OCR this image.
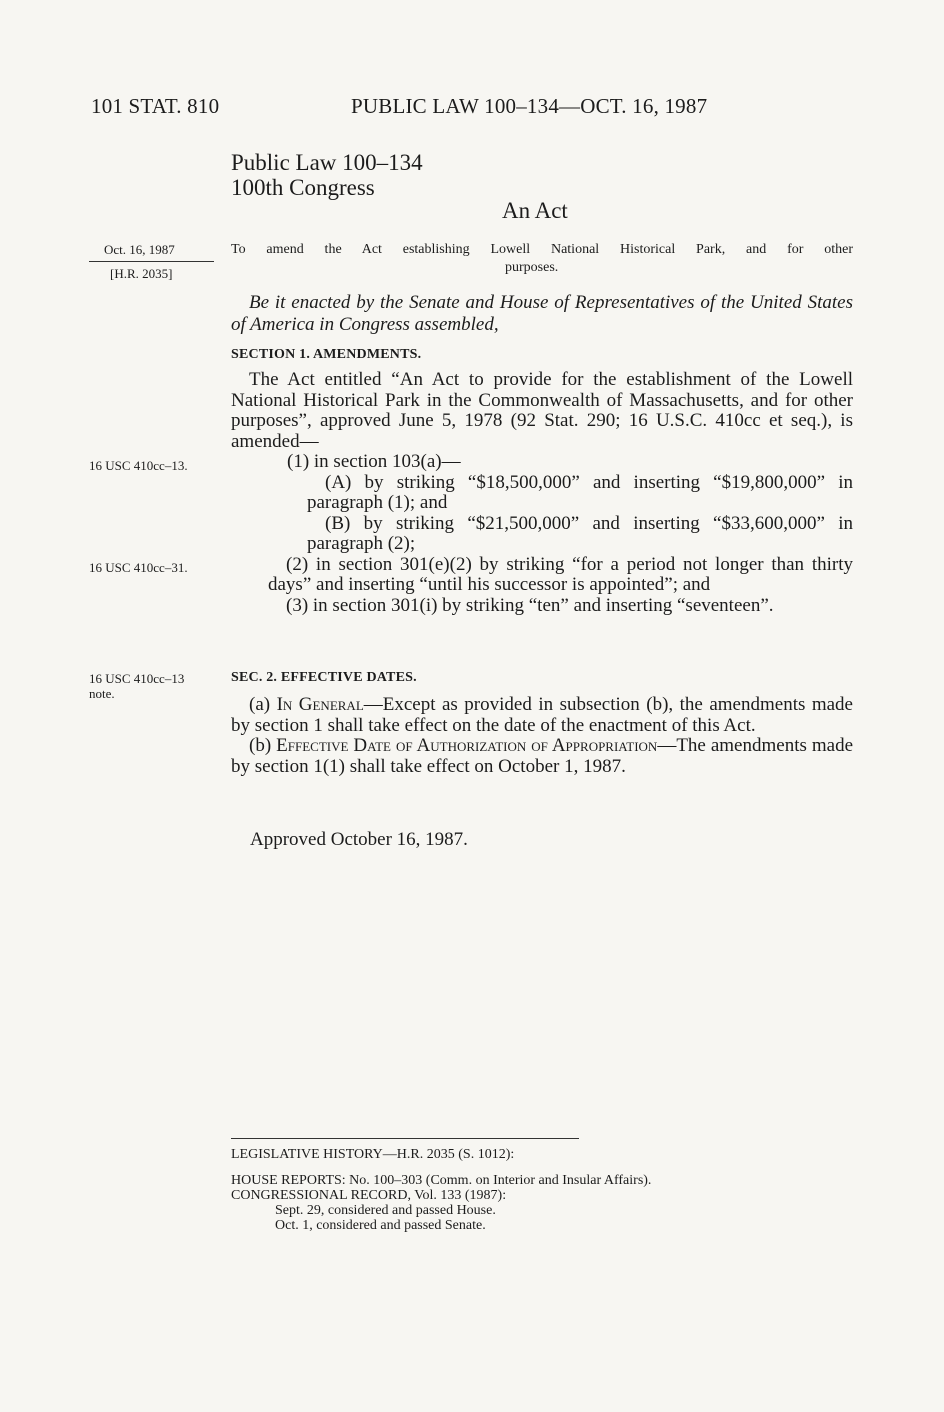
101 STAT. 810	PUBLIC LAW 100–134—OCT. 16, 1987
Public Law 100–134
100th Congress
An Act
Oct. 16, 1987
[H.R. 2035]
To amend the Act establishing Lowell National Historical Park, and for other
purposes.

Be it enacted by the Senate and House of Representatives of the United States of America in Congress assembled,

SECTION 1. AMENDMENTS.

The Act entitled “An Act to provide for the establishment of the Lowell National Historical Park in the Commonwealth of Massachusetts, and for other purposes”, approved June 5, 1978 (92 Stat. 290; 16 U.S.C. 410cc et seq.), is amended—

(1) in section 103(a)—

(A) by striking “$18,500,000” and inserting “$19,800,000” in paragraph (1); and

(B) by striking “$21,500,000” and inserting “$33,600,000” in paragraph (2);

(2) in section 301(e)(2) by striking “for a period not longer than thirty days” and inserting “until his successor is appointed”; and

(3) in section 301(i) by striking “ten” and inserting “seventeen”.

16 USC 410cc–13.
16 USC 410cc–31.
16 USC 410cc–13
note.
SEC. 2. EFFECTIVE DATES.

(a) In General—Except as provided in subsection (b), the amendments made by section 1 shall take effect on the date of the enactment of this Act.

(b) Effective Date of Authorization of Appropriation—The amendments made by section 1(1) shall take effect on October 1, 1987.

Approved October 16, 1987.
LEGISLATIVE HISTORY—H.R. 2035 (S. 1012):
HOUSE REPORTS: No. 100–303 (Comm. on Interior and Insular Affairs).
CONGRESSIONAL RECORD, Vol. 133 (1987):
Sept. 29, considered and passed House.
Oct. 1, considered and passed Senate.
